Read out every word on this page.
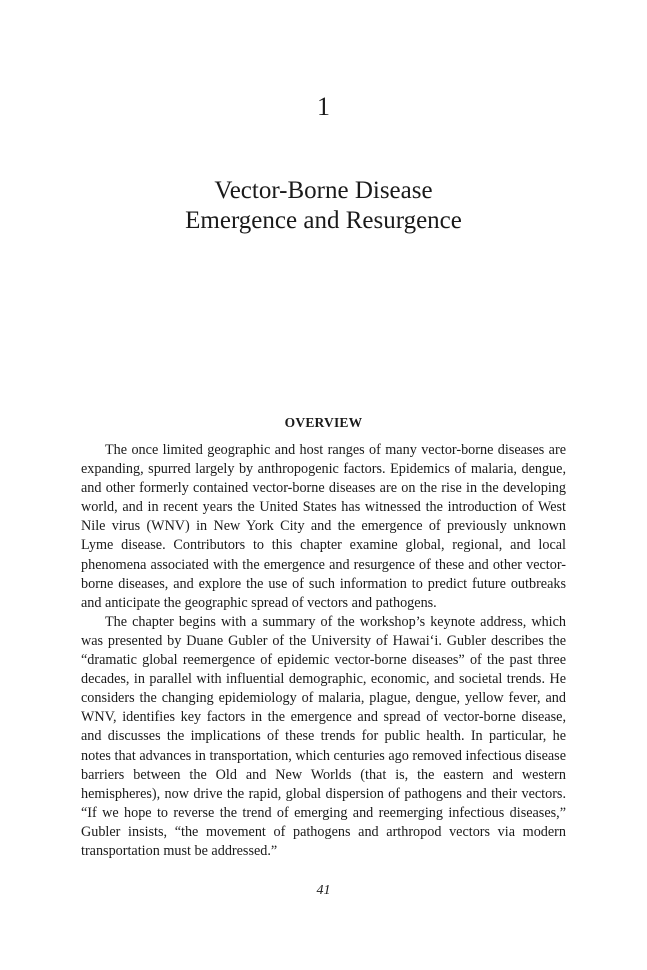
1
Vector-Borne Disease
Emergence and Resurgence
OVERVIEW

The once limited geographic and host ranges of many vector-borne diseases are expanding, spurred largely by anthropogenic factors. Epidemics of malaria, dengue, and other formerly contained vector-borne diseases are on the rise in the developing world, and in recent years the United States has witnessed the introduction of West Nile virus (WNV) in New York City and the emergence of previously unknown Lyme disease. Contributors to this chapter examine global, regional, and local phenomena associated with the emergence and resurgence of these and other vector-borne diseases, and explore the use of such information to predict future outbreaks and anticipate the geographic spread of vectors and pathogens.

The chapter begins with a summary of the workshop’s keynote address, which was presented by Duane Gubler of the University of Hawai‘i. Gubler describes the “dramatic global reemergence of epidemic vector-borne diseases” of the past three decades, in parallel with influential demographic, economic, and societal trends. He considers the changing epidemiology of malaria, plague, dengue, yellow fever, and WNV, identifies key factors in the emergence and spread of vector-borne disease, and discusses the implications of these trends for public health. In particular, he notes that advances in transportation, which centuries ago removed infectious disease barriers between the Old and New Worlds (that is, the eastern and western hemispheres), now drive the rapid, global dispersion of pathogens and their vectors. “If we hope to reverse the trend of emerging and reemerging infectious diseases,” Gubler insists, “the movement of pathogens and arthropod vectors via modern transportation must be addressed.”

41
